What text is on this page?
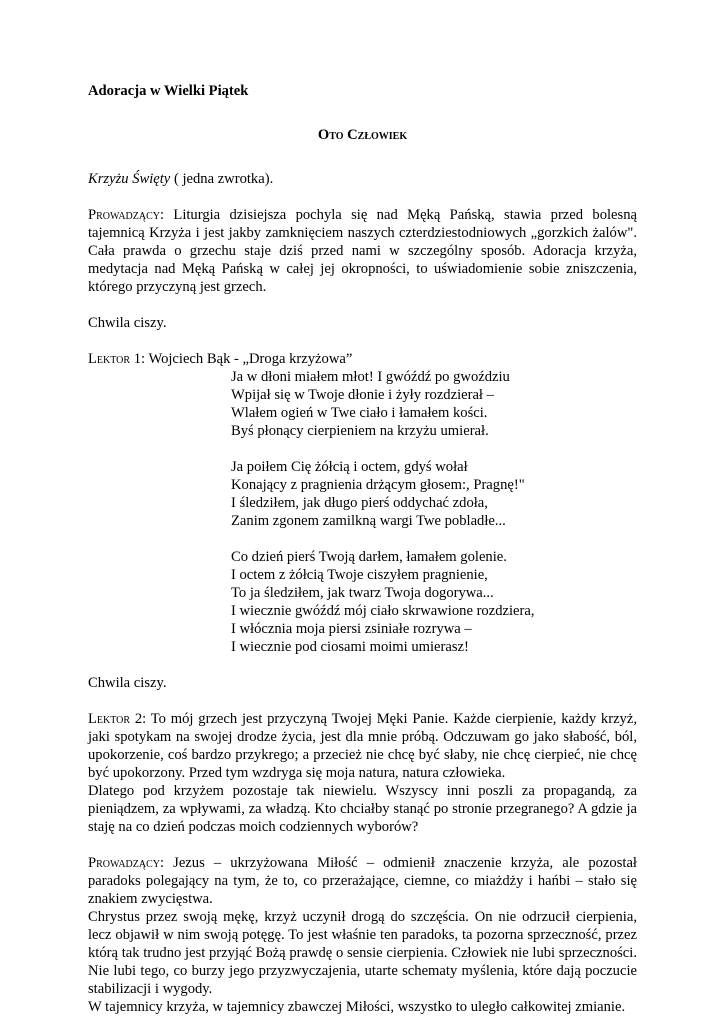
Adoracja w Wielki Piątek

Oto Człowiek

Krzyżu Święty ( jedna zwrotka).

Prowadzący: Liturgia dzisiejsza pochyla się nad Męką Pańską, stawia przed bolesną tajemnicą Krzyża i jest jakby zamknięciem naszych czterdziestodniowych „gorzkich żalów". Cała prawda o grzechu staje dziś przed nami w szczególny sposób. Adoracja krzyża, medytacja nad Męką Pańską w całej jej okropności, to uświadomienie sobie zniszczenia, którego przyczyną jest grzech.

Chwila ciszy.

Lektor 1: Wojciech Bąk - „Droga krzyżowa”

Ja w dłoni miałem młot! I gwóźdź po gwoździu
Wpijał się w Twoje dłonie i żyły rozdzierał –
Wlałem ogień w Twe ciało i łamałem kości.
Byś płonący cierpieniem na krzyżu umierał.
Ja poiłem Cię żółcią i octem, gdyś wołał
Konający z pragnienia drżącym głosem:, Pragnę!"
I śledziłem, jak długo pierś oddychać zdoła,
Zanim zgonem zamilkną wargi Twe pobladłe...
Co dzień pierś Twoją darłem, łamałem golenie.
I octem z żółcią Twoje ciszyłem pragnienie,
To ja śledziłem, jak twarz Twoja dogorywa...
I wiecznie gwóźdź mój ciało skrwawione rozdziera,
I włócznia moja piersi zsiniałe rozrywa –
I wiecznie pod ciosami moimi umierasz!

Chwila ciszy.

Lektor 2: To mój grzech jest przyczyną Twojej Męki Panie. Każde cierpienie, każdy krzyż, jaki spotykam na swojej drodze życia, jest dla mnie próbą. Odczuwam go jako słabość, ból, upokorzenie, coś bardzo przykrego; a przecież nie chcę być słaby, nie chcę cierpieć, nie chcę być upokorzony. Przed tym wzdryga się moja natura, natura człowieka.

Dlatego pod krzyżem pozostaje tak niewielu. Wszyscy inni poszli za propagandą, za pieniądzem, za wpływami, za władzą. Kto chciałby stanąć po stronie przegranego? A gdzie ja staję na co dzień podczas moich codziennych wyborów?

Prowadzący: Jezus – ukrzyżowana Miłość – odmienił znaczenie krzyża, ale pozostał paradoks polegający na tym, że to, co przerażające, ciemne, co miażdży i hańbi – stało się znakiem zwycięstwa.

Chrystus przez swoją mękę, krzyż uczynił drogą do szczęścia. On nie odrzucił cierpienia, lecz objawił w nim swoją potęgę. To jest właśnie ten paradoks, ta pozorna sprzeczność, przez którą tak trudno jest przyjąć Bożą prawdę o sensie cierpienia. Człowiek nie lubi sprzeczności. Nie lubi tego, co burzy jego przyzwyczajenia, utarte schematy myślenia, które dają poczucie stabilizacji i wygody.

W tajemnicy krzyża, w tajemnicy zbawczej Miłości, wszystko to uległo całkowitej zmianie.
